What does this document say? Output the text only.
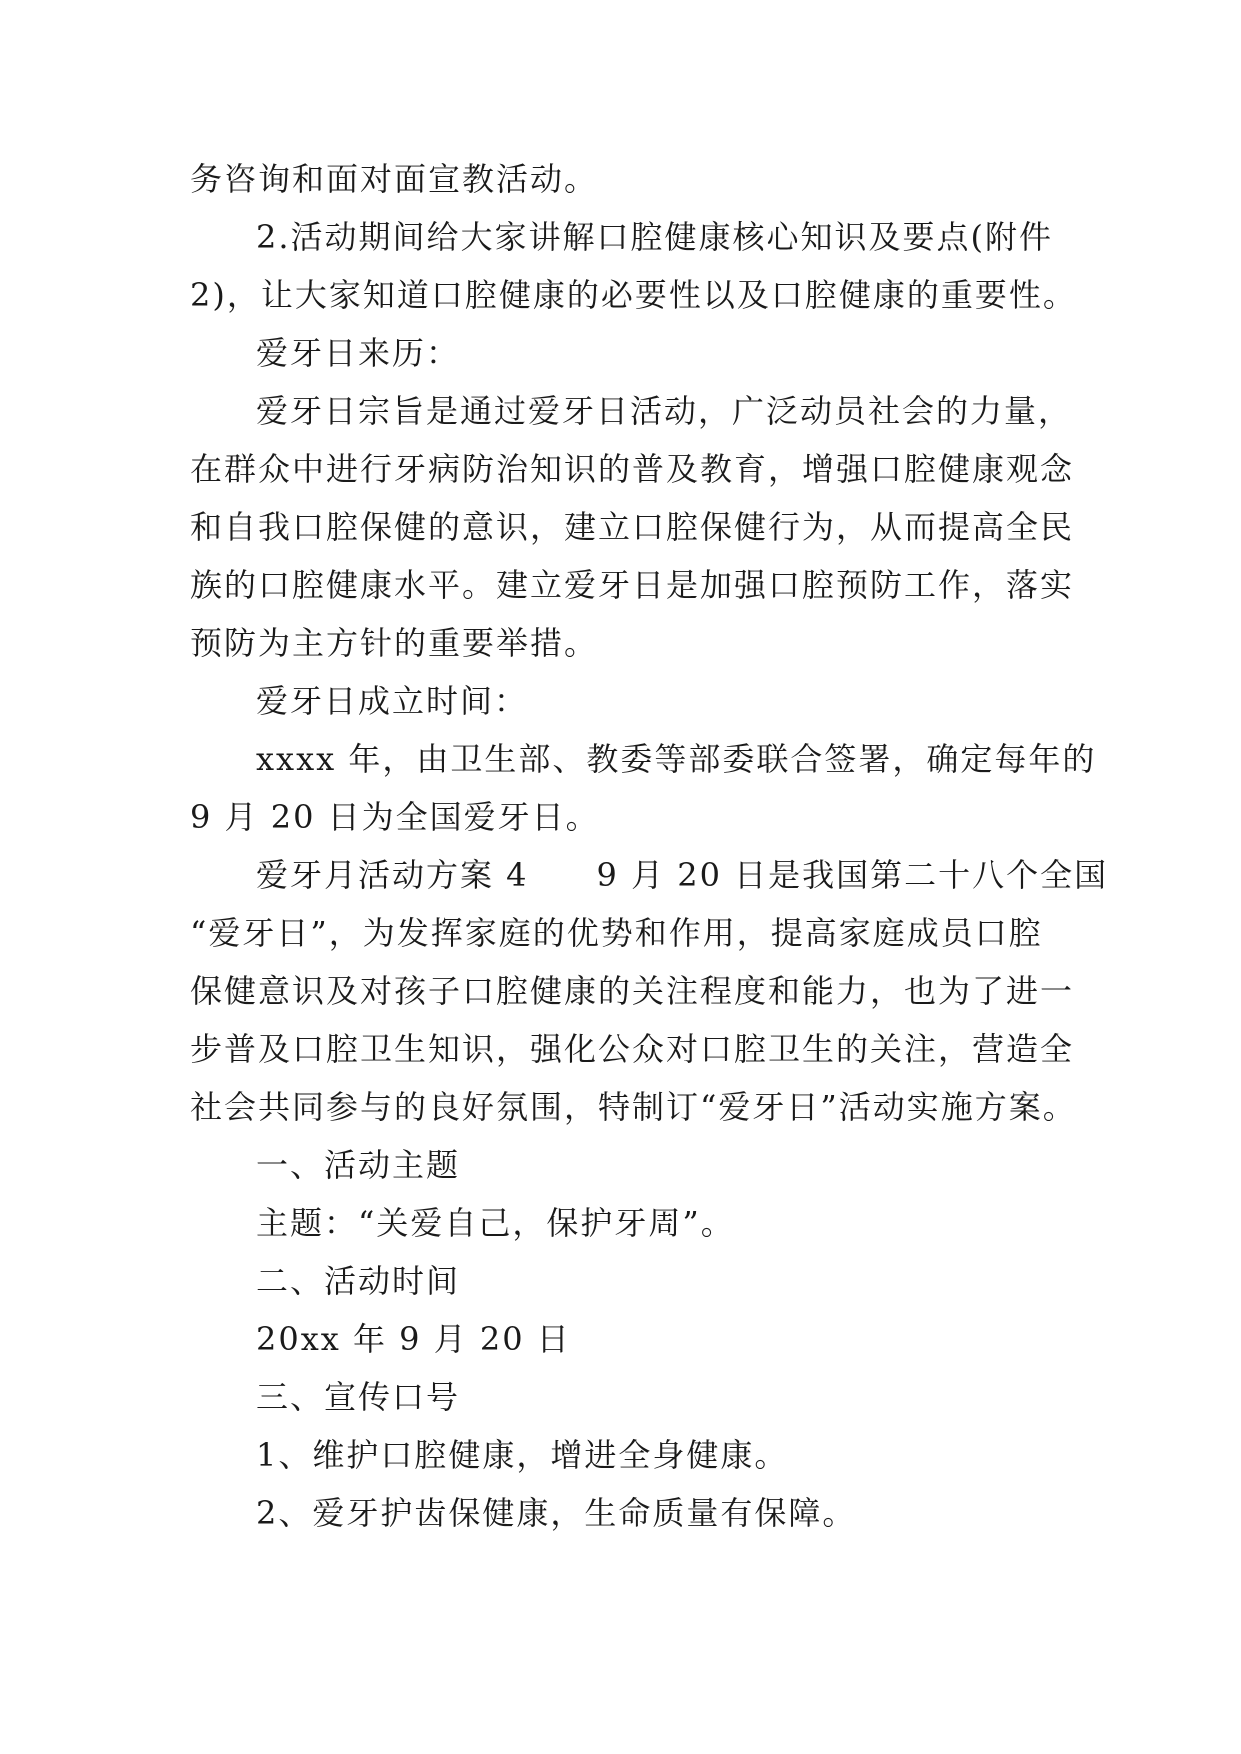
务咨询和面对面宣教活动。
2.活动期间给大家讲解口腔健康核心知识及要点(附件
2)，让大家知道口腔健康的必要性以及口腔健康的重要性。
爱牙日来历：
爱牙日宗旨是通过爱牙日活动，广泛动员社会的力量，
在群众中进行牙病防治知识的普及教育，增强口腔健康观念
和自我口腔保健的意识，建立口腔保健行为，从而提高全民
族的口腔健康水平。建立爱牙日是加强口腔预防工作，落实
预防为主方针的重要举措。
爱牙日成立时间：
xxxx 年，由卫生部、教委等部委联合签署，确定每年的
9 月 20 日为全国爱牙日。
爱牙月活动方案 4　　9 月 20 日是我国第二十八个全国
“爱牙日”，为发挥家庭的优势和作用，提高家庭成员口腔
保健意识及对孩子口腔健康的关注程度和能力，也为了进一
步普及口腔卫生知识，强化公众对口腔卫生的关注，营造全
社会共同参与的良好氛围，特制订“爱牙日”活动实施方案。
一、活动主题
主题：“关爱自己，保护牙周”。
二、活动时间
20xx 年 9 月 20 日
三、宣传口号
1、维护口腔健康，增进全身健康。
2、爱牙护齿保健康，生命质量有保障。
